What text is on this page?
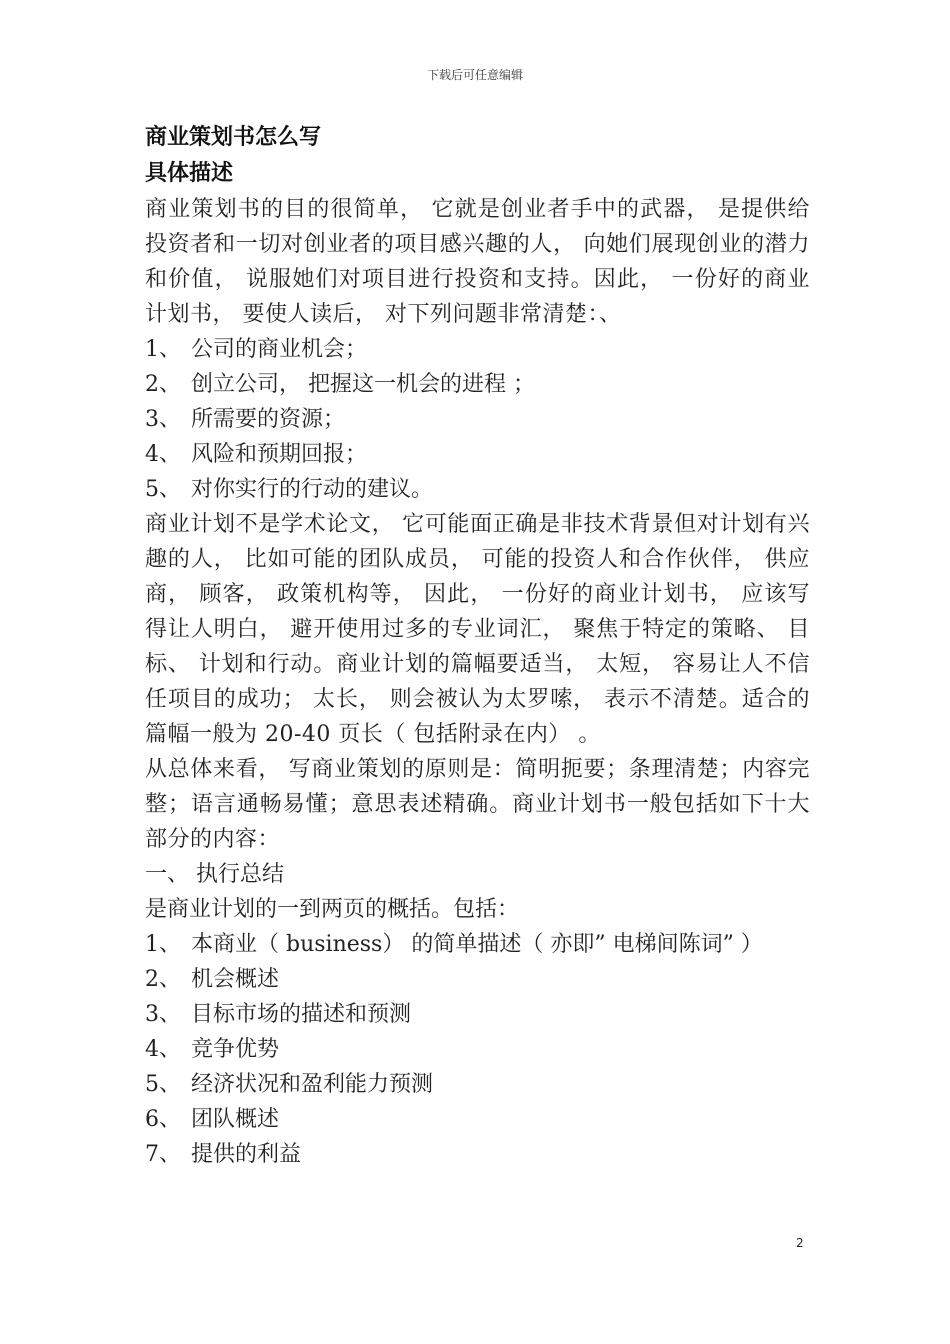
下载后可任意编辑
商业策划书怎么写
具体描述

商业策划书的目的很简单， 它就是创业者手中的武器， 是提供给投资者和一切对创业者的项目感兴趣的人， 向她们展现创业的潜力和价值， 说服她们对项目进行投资和支持。因此， 一份好的商业计划书， 要使人读后， 对下列问题非常清楚：、

1、 公司的商业机会；
2、 创立公司， 把握这一机会的进程 ；
3、 所需要的资源；
4、 风险和预期回报；
5、 对你实行的行动的建议。

商业计划不是学术论文， 它可能面正确是非技术背景但对计划有兴趣的人， 比如可能的团队成员， 可能的投资人和合作伙伴， 供应商， 顾客， 政策机构等， 因此， 一份好的商业计划书， 应该写得让人明白， 避开使用过多的专业词汇， 聚焦于特定的策略、 目标、 计划和行动。商业计划的篇幅要适当， 太短， 容易让人不信任项目的成功； 太长， 则会被认为太罗嗦， 表示不清楚。适合的篇幅一般为 20-40 页长（ 包括附录在内） 。

从总体来看， 写商业策划的原则是：简明扼要；条理清楚；内容完整；语言通畅易懂；意思表述精确。商业计划书一般包括如下十大部分的内容：

一、 执行总结
是商业计划的一到两页的概括。包括：
1、 本商业（ business） 的简单描述（ 亦即” 电梯间陈词” ）
2、 机会概述
3、 目标市场的描述和预测
4、 竞争优势
5、 经济状况和盈利能力预测
6、 团队概述
7、 提供的利益
2
